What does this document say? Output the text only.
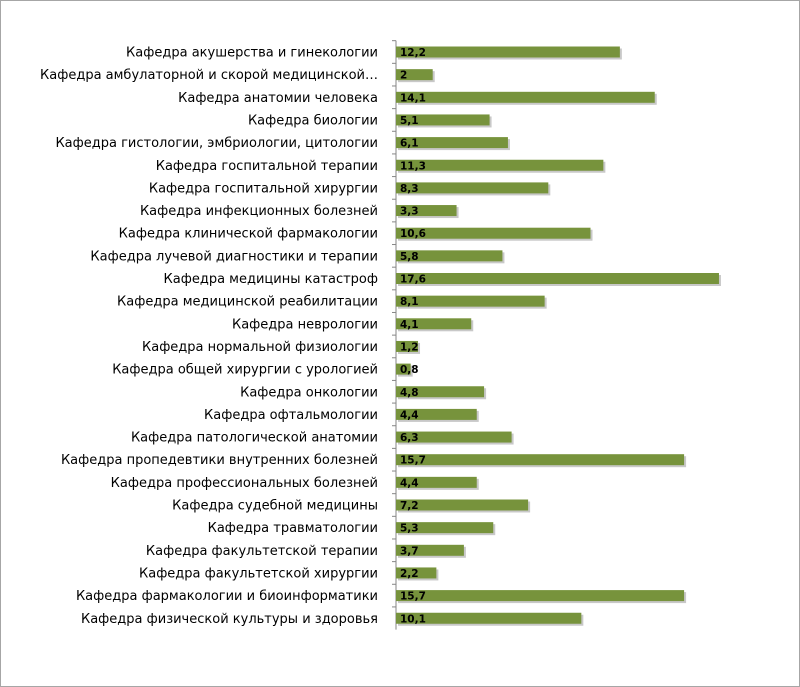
Кафедра акушерства и гинекологии 12,2
Кафедра амбулаторной и скорой медицинской… 2
Кафедра анатомии человека 14,1
Кафедра биологии 5,1
Кафедра гистологии, эмбриологии, цитологии 6,1
Кафедра госпитальной терапии 11,3
Кафедра госпитальной хирургии 8,3
Кафедра инфекционных болезней 3,3
Кафедра клинической фармакологии 10,6
Кафедра лучевой диагностики и терапии 5,8
Кафедра медицины катастроф 17,6
Кафедра медицинской реабилитации 8,1
Кафедра неврологии 4,1
Кафедра нормальной физиологии 1,2
Кафедра общей хирургии с урологией 0,8
Кафедра онкологии 4,8
Кафедра офтальмологии 4,4
Кафедра патологической анатомии 6,3
Кафедра пропедевтики внутренних болезней 15,7
Кафедра профессиональных болезней 4,4
Кафедра судебной медицины 7,2
Кафедра травматологии 5,3
Кафедра факультетской терапии 3,7
Кафедра факультетской хирургии 2,2
Кафедра фармакологии и биоинформатики 15,7
Кафедра физической культуры и здоровья 10,1
